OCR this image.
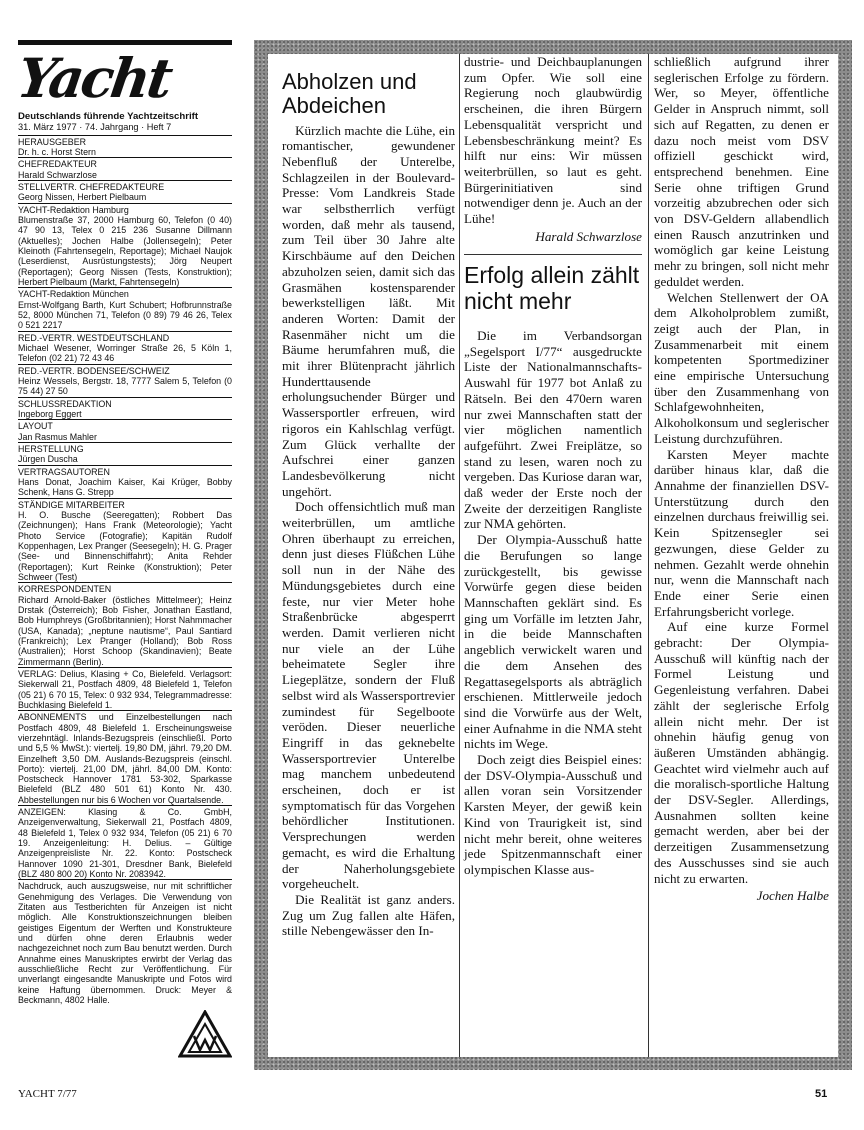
Yacht
Deutschlands führende Yachtzeitschrift
31. März 1977 · 74. Jahrgang · Heft 7
HERAUSGEBER
Dr. h. c. Horst Stern
CHEFREDAKTEUR
Harald Schwarzlose
STELLVERTR. CHEFREDAKTEURE
Georg Nissen, Herbert Pielbaum
YACHT-Redaktion Hamburg
Blumenstraße 37, 2000 Hamburg 60, Telefon (0 40) 47 90 13, Telex 0 215 236 Susanne Dillmann (Aktuelles); Jochen Halbe (Jollensegeln); Peter Kleinoth (Fahrtensegeln, Reportage); Michael Naujok (Leserdienst, Ausrüstungstests); Jörg Neupert (Reportagen); Georg Nissen (Tests, Konstruktion); Herbert Pielbaum (Markt, Fahrtensegeln)
YACHT-Redaktion München
Ernst-Wolfgang Barth, Kurt Schubert; Hofbrunnstraße 52, 8000 München 71, Telefon (0 89) 79 46 26, Telex 0 521 2217
RED.-VERTR. WESTDEUTSCHLAND
Michael Wesener, Worringer Straße 26, 5 Köln 1, Telefon (02 21) 72 43 46
RED.-VERTR. BODENSEE/SCHWEIZ
Heinz Wessels, Bergstr. 18, 7777 Salem 5, Telefon (0 75 44) 27 50
SCHLUSSREDAKTION
Ingeborg Eggert
LAYOUT
Jan Rasmus Mahler
HERSTELLUNG
Jürgen Duscha
VERTRAGSAUTOREN
Hans Donat, Joachim Kaiser, Kai Krüger, Bobby Schenk, Hans G. Strepp
STÄNDIGE MITARBEITER
H. O. Busche (Seeregatten); Robbert Das (Zeichnungen); Hans Frank (Meteorologie); Yacht Photo Service (Fotografie); Kapitän Rudolf Koppenhagen, Lex Pranger (Seesegeln); H. G. Prager (See- und Binnenschiffahrt); Anita Rehder (Reportagen); Kurt Reinke (Konstruktion); Peter Schweer (Test)
KORRESPONDENTEN
Richard Arnold-Baker (östliches Mittelmeer); Heinz Drstak (Österreich); Bob Fisher, Jonathan Eastland, Bob Humphreys (Großbritannien); Horst Nahmmacher (USA, Kanada); „neptune nautisme“, Paul Santiard (Frankreich); Lex Pranger (Holland); Bob Ross (Australien); Horst Schoop (Skandinavien); Beate Zimmermann (Berlin).
VERLAG: Delius, Klasing + Co, Bielefeld. Verlagsort: Siekerwall 21, Postfach 4809, 48 Bielefeld 1, Telefon (05 21) 6 70 15, Telex: 0 932 934, Telegrammadresse: Buchklasing Bielefeld 1.
ABONNEMENTS und Einzelbestellungen nach Postfach 4809, 48 Bielefeld 1. Erscheinungsweise vierzehntägl. Inlands-Bezugspreis (einschließl. Porto und 5,5 % MwSt.): viertelj. 19,80 DM, jährl. 79,20 DM. Einzelheft 3,50 DM. Auslands-Bezugspreis (einschl. Porto): viertelj. 21,00 DM, jährl. 84,00 DM. Konto: Postscheck Hannover 1781 53-302, Sparkasse Bielefeld (BLZ 480 501 61) Konto Nr. 430. Abbestellungen nur bis 6 Wochen vor Quartalsende.
ANZEIGEN: Klasing & Co. GmbH, Anzeigenverwaltung, Siekerwall 21, Postfach 4809, 48 Bielefeld 1, Telex 0 932 934, Telefon (05 21) 6 70 19. Anzeigenleitung: H. Delius. – Gültige Anzeigenpreisliste Nr. 22. Konto: Postscheck Hannover 1090 21-301, Dresdner Bank, Bielefeld (BLZ 480 800 20) Konto Nr. 2083942.
Nachdruck, auch auszugsweise, nur mit schriftlicher Genehmigung des Verlages. Die Verwendung von Zitaten aus Testberichten für Anzeigen ist nicht möglich. Alle Konstruktionszeichnungen bleiben geistiges Eigentum der Werften und Konstrukteure und dürfen ohne deren Erlaubnis weder nachgezeichnet noch zum Bau benutzt werden. Durch Annahme eines Manuskriptes erwirbt der Verlag das ausschließliche Recht zur Veröffentlichung. Für unverlangt eingesandte Manuskripte und Fotos wird keine Haftung übernommen. Druck: Meyer & Beckmann, 4802 Halle.
Abholzen und Abdeichen

Kürzlich machte die Lühe, ein romantischer, gewundener Nebenfluß der Unterelbe, Schlagzeilen in der Boulevard-Presse: Vom Landkreis Stade war selbstherrlich verfügt worden, daß mehr als tausend, zum Teil über 30 Jahre alte Kirschbäume auf den Deichen abzuholzen seien, damit sich das Grasmähen kostensparender bewerkstelligen läßt. Mit anderen Worten: Damit der Rasenmäher nicht um die Bäume herumfahren muß, die mit ihrer Blütenpracht jährlich Hunderttausende erholungsuchender Bürger und Wassersportler erfreuen, wird rigoros ein Kahlschlag verfügt. Zum Glück verhallte der Aufschrei einer ganzen Landesbevölkerung nicht ungehört.

Doch offensichtlich muß man weiterbrüllen, um amtliche Ohren überhaupt zu erreichen, denn just dieses Flüßchen Lühe soll nun in der Nähe des Mündungsgebietes durch eine feste, nur vier Meter hohe Straßenbrücke abgesperrt werden. Damit verlieren nicht nur viele an der Lühe beheimatete Segler ihre Liegeplätze, sondern der Fluß selbst wird als Wassersportrevier zumindest für Segelboote veröden. Dieser neuerliche Eingriff in das geknebelte Wassersportrevier Unterelbe mag manchem unbedeutend erscheinen, doch er ist symptomatisch für das Vorgehen behördlicher Institutionen. Versprechungen werden gemacht, es wird die Erhaltung der Naherholungsgebiete vorgeheuchelt.

Die Realität ist ganz anders. Zug um Zug fallen alte Häfen, stille Nebengewässer den In-

dustrie- und Deichbauplanungen zum Opfer. Wie soll eine Regierung noch glaubwürdig erscheinen, die ihren Bürgern Lebensqualität verspricht und Lebensbeschränkung meint? Es hilft nur eins: Wir müssen weiterbrüllen, so laut es geht. Bürgerinitiativen sind notwendiger denn je. Auch an der Lühe!

Harald Schwarzlose
Erfolg allein zählt nicht mehr

Die im Verbandsorgan „Segelsport I/77“ ausgedruckte Liste der Nationalmannschafts-Auswahl für 1977 bot Anlaß zu Rätseln. Bei den 470ern waren nur zwei Mannschaften statt der vier möglichen namentlich aufgeführt. Zwei Freiplätze, so stand zu lesen, waren noch zu vergeben. Das Kuriose daran war, daß weder der Erste noch der Zweite der derzeitigen Rangliste zur NMA gehörten.

Der Olympia-Ausschuß hatte die Berufungen so lange zurückgestellt, bis gewisse Vorwürfe gegen diese beiden Mannschaften geklärt sind. Es ging um Vorfälle im letzten Jahr, in die beide Mannschaften angeblich verwickelt waren und die dem Ansehen des Regattasegelsports als abträglich erschienen. Mittlerweile jedoch sind die Vorwürfe aus der Welt, einer Aufnahme in die NMA steht nichts im Wege.

Doch zeigt dies Beispiel eines: der DSV-Olympia-Ausschuß und allen voran sein Vorsitzender Karsten Meyer, der gewiß kein Kind von Traurigkeit ist, sind nicht mehr bereit, ohne weiteres jede Spitzenmannschaft einer olympischen Klasse aus-

schließlich aufgrund ihrer seglerischen Erfolge zu fördern. Wer, so Meyer, öffentliche Gelder in Anspruch nimmt, soll sich auf Regatten, zu denen er dazu noch meist vom DSV offiziell geschickt wird, entsprechend benehmen. Eine Serie ohne triftigen Grund vorzeitig abzubrechen oder sich von DSV-Geldern allabendlich einen Rausch anzutrinken und womöglich gar keine Leistung mehr zu bringen, soll nicht mehr geduldet werden.

Welchen Stellenwert der OA dem Alkoholproblem zumißt, zeigt auch der Plan, in Zusammenarbeit mit einem kompetenten Sportmediziner eine empirische Untersuchung über den Zusammenhang von Schlafgewohnheiten, Alkoholkonsum und seglerischer Leistung durchzuführen.

Karsten Meyer machte darüber hinaus klar, daß die Annahme der finanziellen DSV-Unterstützung durch den einzelnen durchaus freiwillig sei. Kein Spitzensegler sei gezwungen, diese Gelder zu nehmen. Gezahlt werde ohnehin nur, wenn die Mannschaft nach Ende einer Serie einen Erfahrungsbericht vorlege.

Auf eine kurze Formel gebracht: Der Olympia-Ausschuß will künftig nach der Formel Leistung und Gegenleistung verfahren. Dabei zählt der seglerische Erfolg allein nicht mehr. Der ist ohnehin häufig genug von äußeren Umständen abhängig. Geachtet wird vielmehr auch auf die moralisch-sportliche Haltung der DSV-Segler. Allerdings, Ausnahmen sollten keine gemacht werden, aber bei der derzeitigen Zusammensetzung des Ausschusses sind sie auch nicht zu erwarten.

Jochen Halbe
YACHT 7/77	51
